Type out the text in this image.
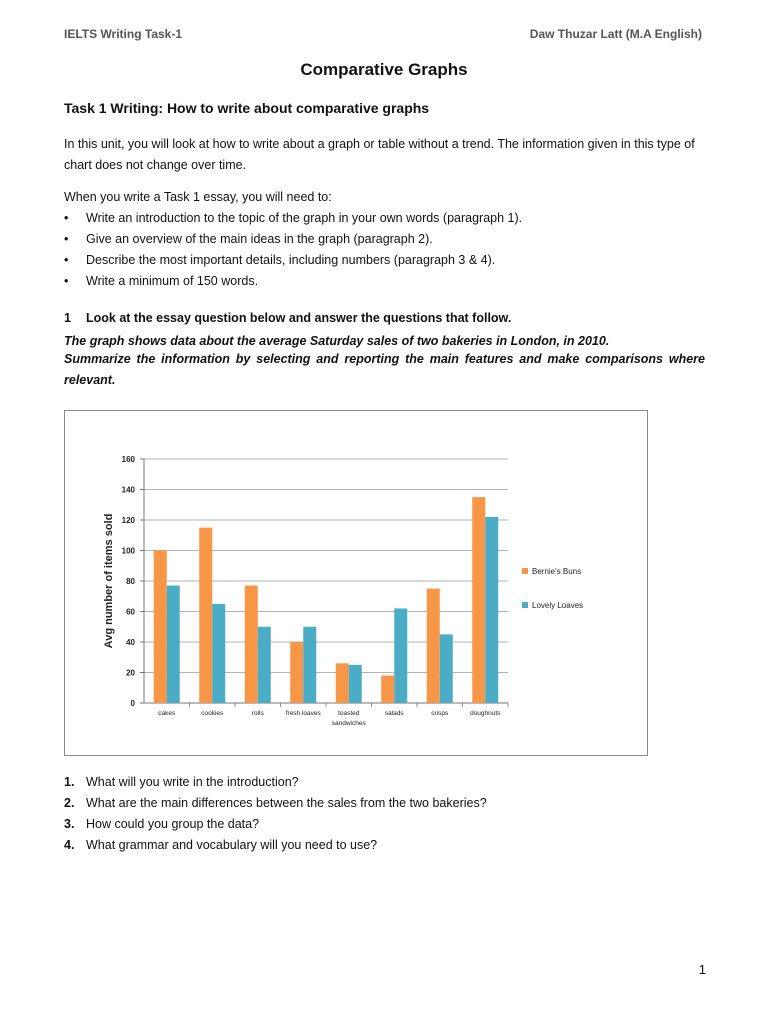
IELTS Writing Task-1	Daw Thuzar Latt (M.A English)
Comparative Graphs
Task 1 Writing: How to write about comparative graphs
In this unit, you will look at how to write about a graph or table without a trend. The information given in this type of chart does not change over time.
When you write a Task 1 essay, you will need to:
• Write an introduction to the topic of the graph in your own words (paragraph 1).
• Give an overview of the main ideas in the graph (paragraph 2).
• Describe the most important details, including numbers (paragraph 3 & 4).
• Write a minimum of 150 words.
1 Look at the essay question below and answer the questions that follow.
The graph shows data about the average Saturday sales of two bakeries in London, in 2010.
Summarize the information by selecting and reporting the main features and make comparisons where relevant.
0
20
40
60
80
100
120
140
160
Avg number of items sold
cakes	cookies	rolls	fresh loaves	toasted
sandwiches
salads	crisps	doughnuts
Bernie's Buns
Lovely Loaves
1. What will you write in the introduction?
2. What are the main differences between the sales from the two bakeries?
3. How could you group the data?
4. What grammar and vocabulary will you need to use?
1
